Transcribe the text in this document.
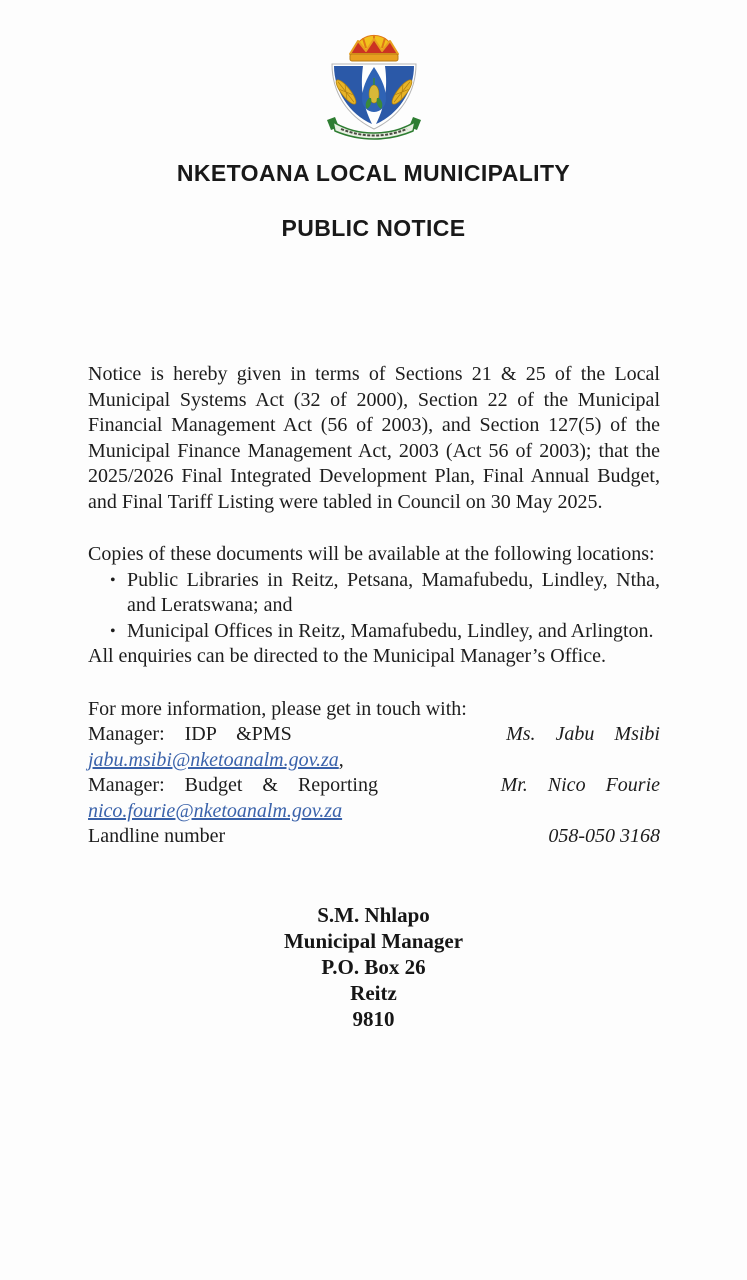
NKETOANA LOCAL MUNICIPALITY
PUBLIC NOTICE

Notice is hereby given in terms of Sections 21 & 25 of the Local Municipal Systems Act (32 of 2000), Section 22 of the Municipal Financial Management Act (56 of 2003), and Section 127(5) of the Municipal Finance Management Act, 2003 (Act 56 of 2003); that the 2025/2026 Final Integrated Development Plan, Final Annual Budget, and Final Tariff Listing were tabled in Council on 30 May 2025.

Copies of these documents will be available at the following locations:

• Public Libraries in Reitz, Petsana, Mamafubedu, Lindley, Ntha, and Leratswana; and
• Municipal Offices in Reitz, Mamafubedu, Lindley, and Arlington.

All enquiries can be directed to the Municipal Manager’s Office.

For more information, please get in touch with:
Manager: IDP &PMS	Ms. Jabu Msibi
jabu.msibi@nketoanalm.gov.za,
Manager: Budget & Reporting	Mr. Nico Fourie
nico.fourie@nketoanalm.gov.za
Landline number	058-050 3168
S.M. Nhlapo
Municipal Manager
P.O. Box 26
Reitz
9810
